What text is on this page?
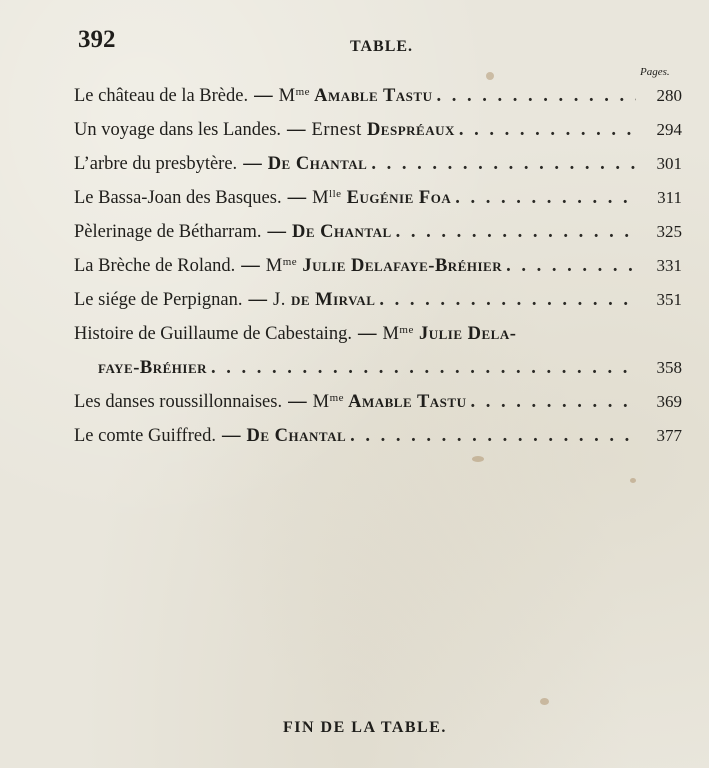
392	TABLE.
Pages.
Le château de la Brède. — $M^{me}$ Amable Tastu . . .	280
Un voyage dans les Landes. — Ernest Despréaux . . .	294
L’arbre du presbytère. — De Chantal . . .	301
Le Bassa-Joan des Basques. — $M^{lle}$ Eugénie Foa . . .	311
Pèlerinage de Bétharram. — De Chantal . . .	325
La Brèche de Roland. — $M^{me}$ Julie Delafaye-Bréhier . . .	331
Le siége de Perpignan. — J. de Mirval . . .	351
Histoire de Guillaume de Cabestaing. — $M^{me}$ Julie Dela-
faye-Bréhier . . .	358
Les danses roussillonnaises. — $M^{me}$ Amable Tastu . . .	369
Le comte Guiffred. — De Chantal . . .	377
FIN DE LA TABLE.
